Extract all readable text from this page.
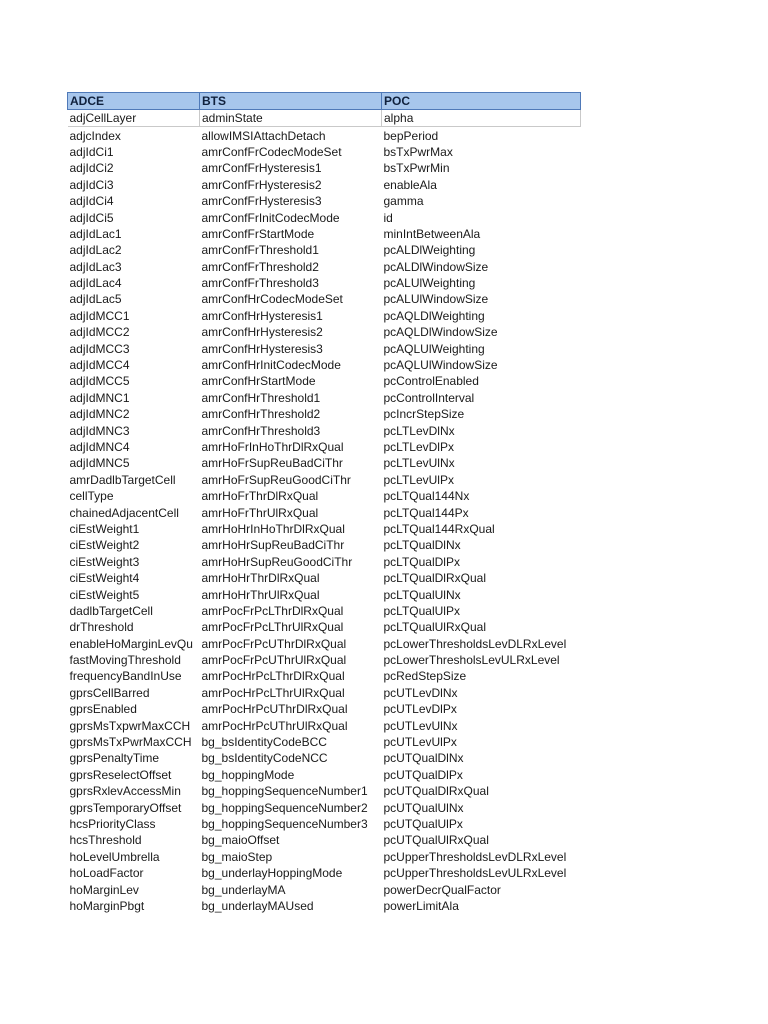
ADCE	BTS	POC
adjCellLayer	adminState	alpha
adjcIndex	allowIMSIAttachDetach	bepPeriod
adjIdCi1	amrConfFrCodecModeSet	bsTxPwrMax
adjIdCi2	amrConfFrHysteresis1	bsTxPwrMin
adjIdCi3	amrConfFrHysteresis2	enableAla
adjIdCi4	amrConfFrHysteresis3	gamma
adjIdCi5	amrConfFrInitCodecMode	id
adjIdLac1	amrConfFrStartMode	minIntBetweenAla
adjIdLac2	amrConfFrThreshold1	pcALDlWeighting
adjIdLac3	amrConfFrThreshold2	pcALDlWindowSize
adjIdLac4	amrConfFrThreshold3	pcALUlWeighting
adjIdLac5	amrConfHrCodecModeSet	pcALUlWindowSize
adjIdMCC1	amrConfHrHysteresis1	pcAQLDlWeighting
adjIdMCC2	amrConfHrHysteresis2	pcAQLDlWindowSize
adjIdMCC3	amrConfHrHysteresis3	pcAQLUlWeighting
adjIdMCC4	amrConfHrInitCodecMode	pcAQLUlWindowSize
adjIdMCC5	amrConfHrStartMode	pcControlEnabled
adjIdMNC1	amrConfHrThreshold1	pcControlInterval
adjIdMNC2	amrConfHrThreshold2	pcIncrStepSize
adjIdMNC3	amrConfHrThreshold3	pcLTLevDlNx
adjIdMNC4	amrHoFrInHoThrDlRxQual	pcLTLevDlPx
adjIdMNC5	amrHoFrSupReuBadCiThr	pcLTLevUlNx
amrDadlbTargetCell	amrHoFrSupReuGoodCiThr	pcLTLevUlPx
cellType	amrHoFrThrDlRxQual	pcLTQual144Nx
chainedAdjacentCell	amrHoFrThrUlRxQual	pcLTQual144Px
ciEstWeight1	amrHoHrInHoThrDlRxQual	pcLTQual144RxQual
ciEstWeight2	amrHoHrSupReuBadCiThr	pcLTQualDlNx
ciEstWeight3	amrHoHrSupReuGoodCiThr	pcLTQualDlPx
ciEstWeight4	amrHoHrThrDlRxQual	pcLTQualDlRxQual
ciEstWeight5	amrHoHrThrUlRxQual	pcLTQualUlNx
dadlbTargetCell	amrPocFrPcLThrDlRxQual	pcLTQualUlPx
drThreshold	amrPocFrPcLThrUlRxQual	pcLTQualUlRxQual
enableHoMarginLevQu	amrPocFrPcUThrDlRxQual	pcLowerThresholdsLevDLRxLevel
fastMovingThreshold	amrPocFrPcUThrUlRxQual	pcLowerThresholsLevULRxLevel
frequencyBandInUse	amrPocHrPcLThrDlRxQual	pcRedStepSize
gprsCellBarred	amrPocHrPcLThrUlRxQual	pcUTLevDlNx
gprsEnabled	amrPocHrPcUThrDlRxQual	pcUTLevDlPx
gprsMsTxpwrMaxCCH	amrPocHrPcUThrUlRxQual	pcUTLevUlNx
gprsMsTxPwrMaxCCH	bg_bsIdentityCodeBCC	pcUTLevUlPx
gprsPenaltyTime	bg_bsIdentityCodeNCC	pcUTQualDlNx
gprsReselectOffset	bg_hoppingMode	pcUTQualDlPx
gprsRxlevAccessMin	bg_hoppingSequenceNumber1	pcUTQualDlRxQual
gprsTemporaryOffset	bg_hoppingSequenceNumber2	pcUTQualUlNx
hcsPriorityClass	bg_hoppingSequenceNumber3	pcUTQualUlPx
hcsThreshold	bg_maioOffset	pcUTQualUlRxQual
hoLevelUmbrella	bg_maioStep	pcUpperThresholdsLevDLRxLevel
hoLoadFactor	bg_underlayHoppingMode	pcUpperThresholdsLevULRxLevel
hoMarginLev	bg_underlayMA	powerDecrQualFactor
hoMarginPbgt	bg_underlayMAUsed	powerLimitAla
